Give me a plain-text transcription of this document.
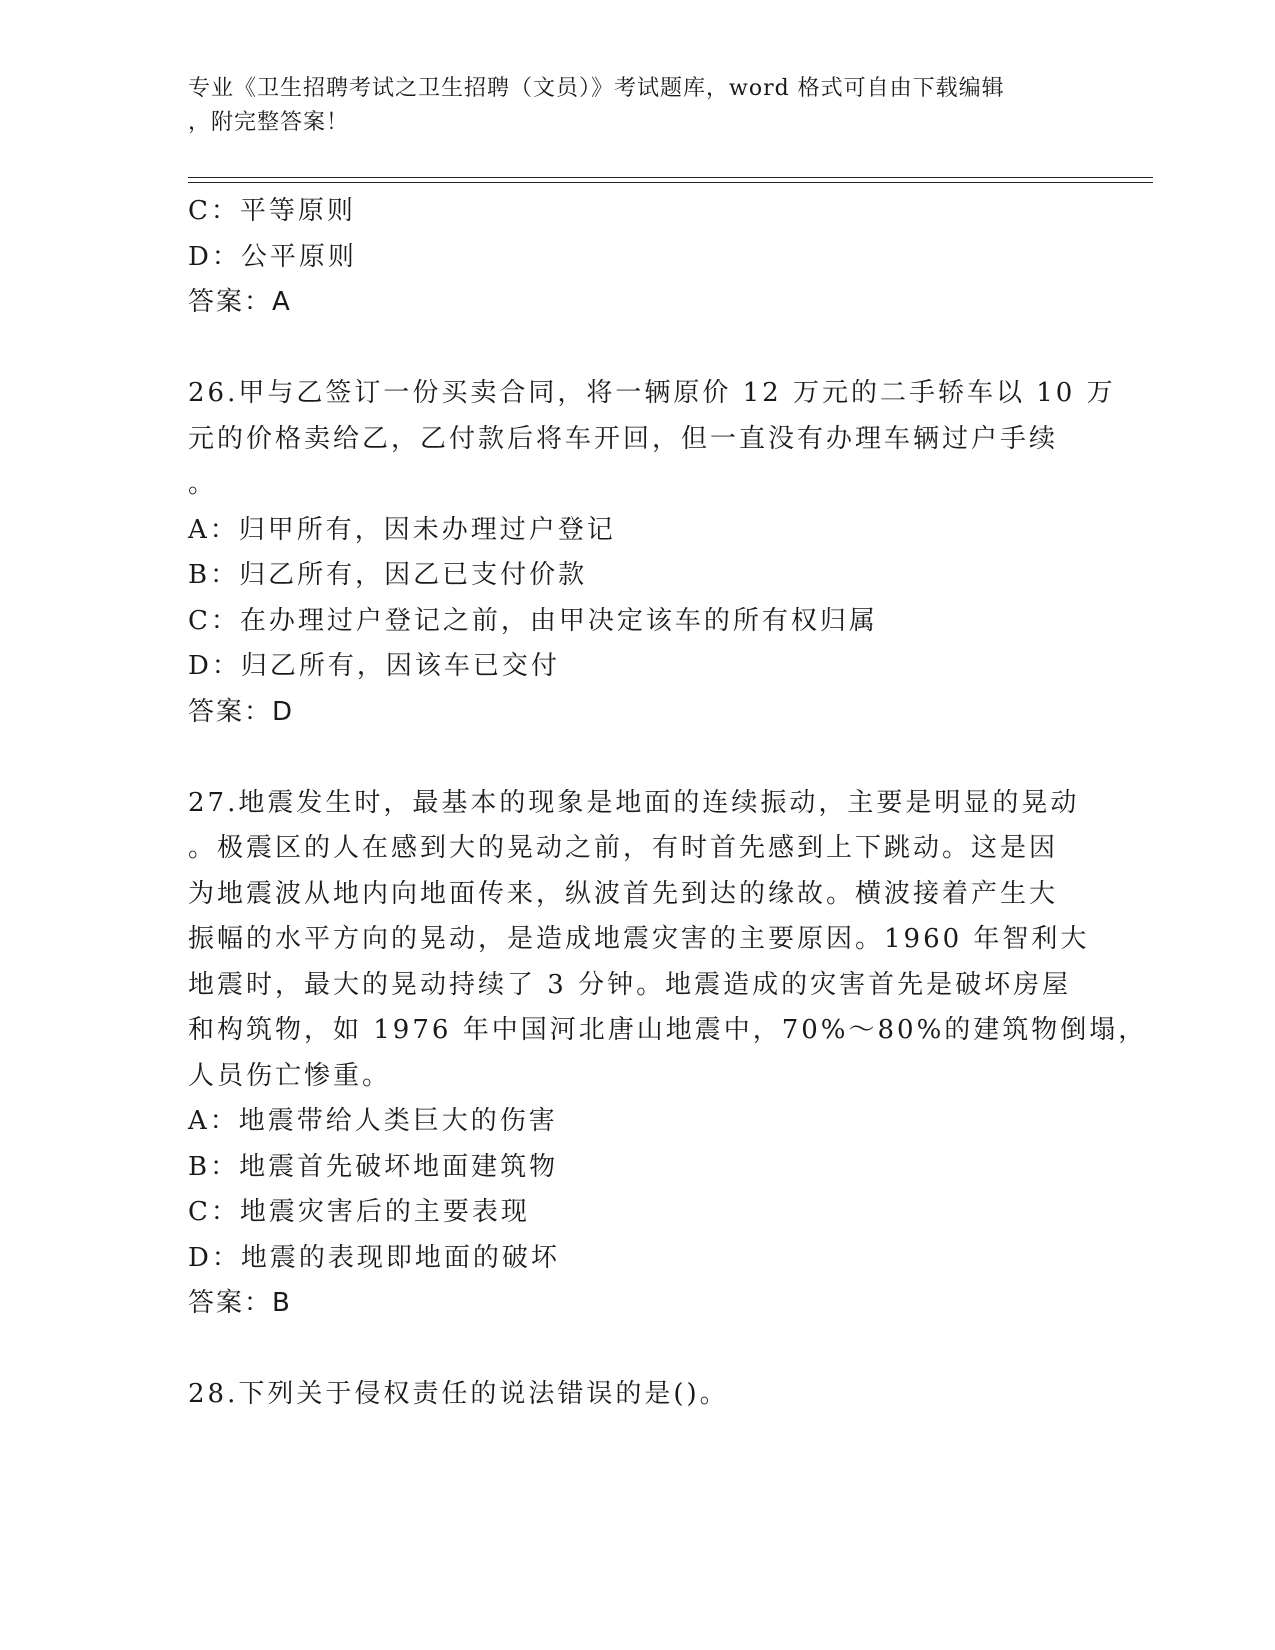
专业《卫生招聘考试之卫生招聘（文员）》考试题库，word 格式可自由下载编辑
，附完整答案！
C：平等原则
D：公平原则
答案：A
26.甲与乙签订一份买卖合同，将一辆原价 12 万元的二手轿车以 10 万
元的价格卖给乙，乙付款后将车开回，但一直没有办理车辆过户手续
。
A：归甲所有，因未办理过户登记
B：归乙所有，因乙已支付价款
C：在办理过户登记之前，由甲决定该车的所有权归属
D：归乙所有，因该车已交付
答案：D
27.地震发生时，最基本的现象是地面的连续振动，主要是明显的晃动
。极震区的人在感到大的晃动之前，有时首先感到上下跳动。这是因
为地震波从地内向地面传来，纵波首先到达的缘故。横波接着产生大
振幅的水平方向的晃动，是造成地震灾害的主要原因。1960 年智利大
地震时，最大的晃动持续了 3 分钟。地震造成的灾害首先是破坏房屋
和构筑物，如 1976 年中国河北唐山地震中，70%～80%的建筑物倒塌，
人员伤亡惨重。
A：地震带给人类巨大的伤害
B：地震首先破坏地面建筑物
C：地震灾害后的主要表现
D：地震的表现即地面的破坏
答案：B
28.下列关于侵权责任的说法错误的是()。
